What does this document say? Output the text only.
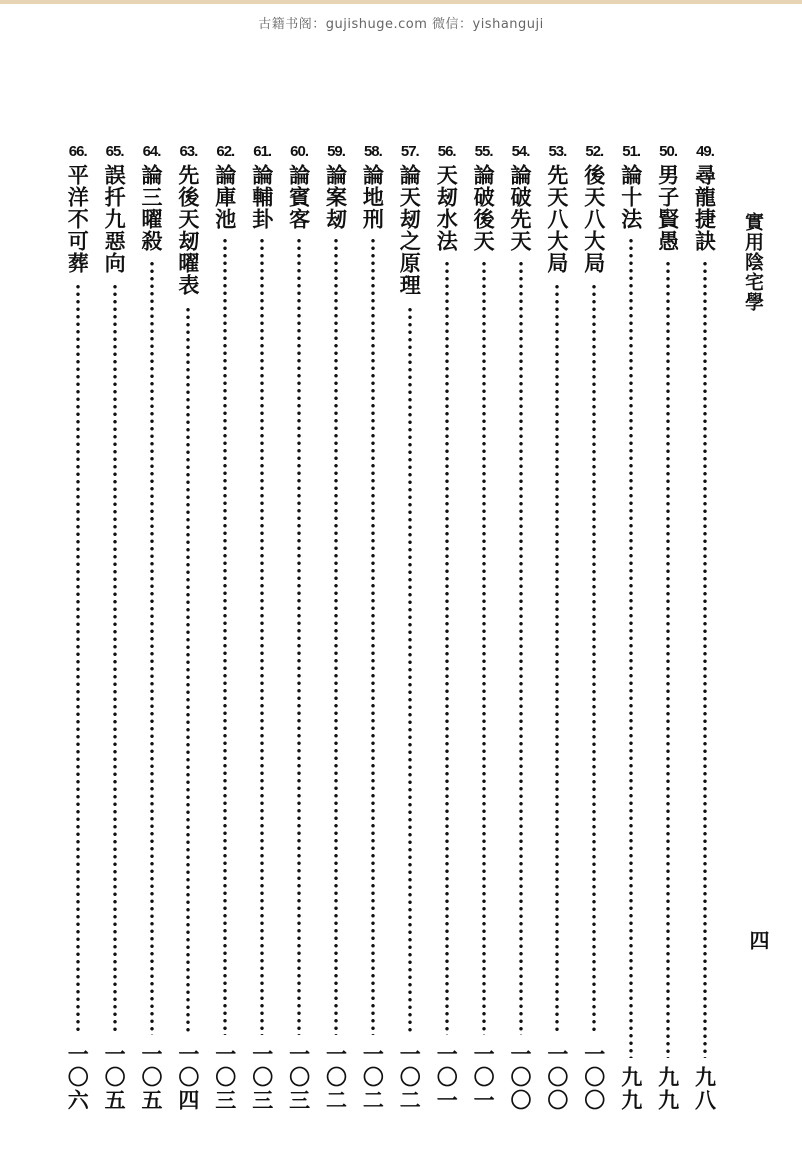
古籍书阁：gujishuge.com 微信：yishanguji
實用陰宅學
四
49.
尋龍捷訣
九八
50.
男子賢愚
九九
51.
論十法
九九
52.
後天八大局
一〇〇
53.
先天八大局
一〇〇
54.
論破先天
一〇〇
55.
論破後天
一〇一
56.
天刼水法
一〇一
57.
論天刼之原理
一〇二
58.
論地刑
一〇二
59.
論案刼
一〇二
60.
論賓客
一〇三
61.
論輔卦
一〇三
62.
論庫池
一〇三
63.
先後天刼曜表
一〇四
64.
論三曜殺
一〇五
65.
誤扦九惡向
一〇五
66.
平洋不可葬
一〇六
